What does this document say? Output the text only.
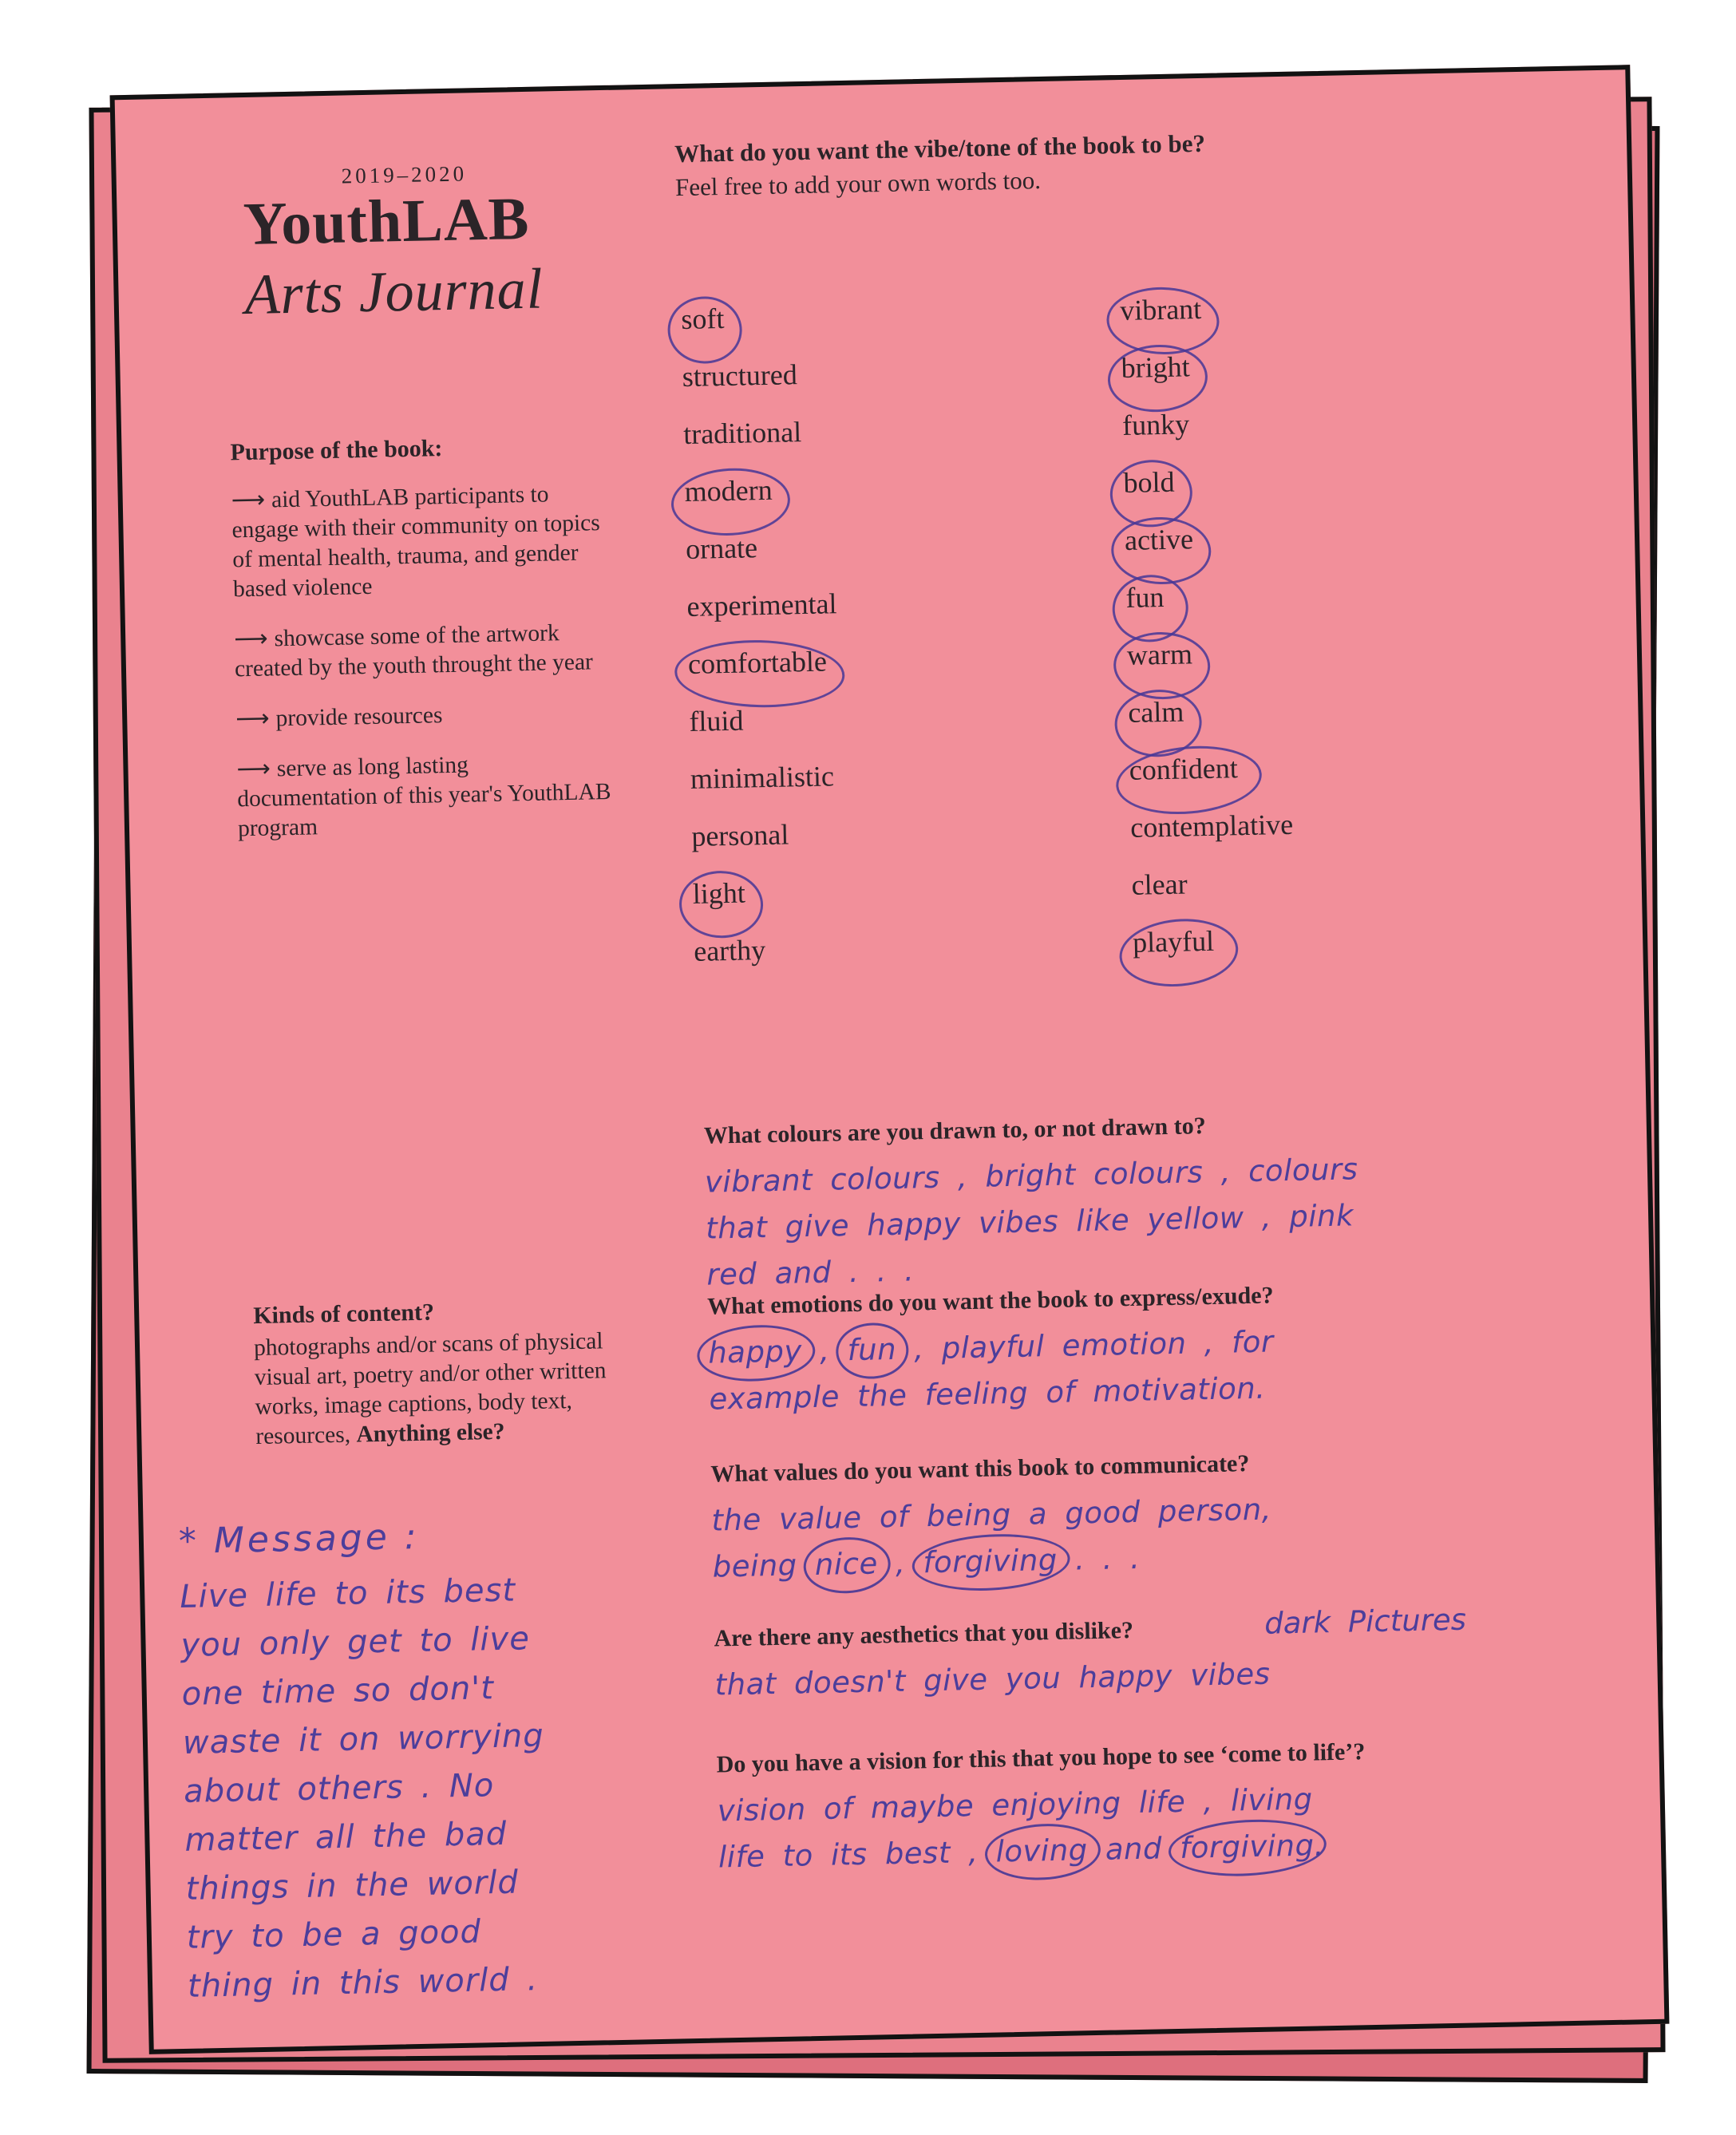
2019–2020
YouthLAB
Arts Journal
What do you want the vibe/tone of the book to be?
Feel free to add your own words too.
soft
structured
traditional
modern
ornate
experimental
comfortable
fluid
minimalistic
personal
light
earthy
vibrant
bright
funky
bold
active
fun
warm
calm
confident
contemplative
clear
playful
Purpose of the book:
⟶ aid YouthLAB participants to engage with their community on topics of mental health, trauma, and gender based violence
⟶ showcase some of the artwork created by the youth throught the year
⟶ provide resources
⟶ serve as long lasting documentation of this year's YouthLAB program
Kinds of content?
photographs and/or scans of physical visual art, poetry and/or other written works, image captions, body text, resources, Anything else?
* Message :
Live life to its best
you only get to live
one time so don't
waste it on worrying
about others . No
matter all the bad
things in the world
try to be a good
thing in this world .
What colours are you drawn to, or not drawn to?
vibrant colours , bright colours , colours
that give happy vibes like yellow , pink
red and . . .
What emotions do you want the book to express/exude?
happy , fun , playful emotion , for
example the feeling of motivation.
What values do you want this book to communicate?
the value of being a good person,
being nice , forgiving . . .
Are there any aesthetics that you dislike?	dark Pictures
that doesn't give you happy vibes
Do you have a vision for this that you hope to see ‘come to life’?
vision of maybe enjoying life , living
life to its best , loving and forgiving.
